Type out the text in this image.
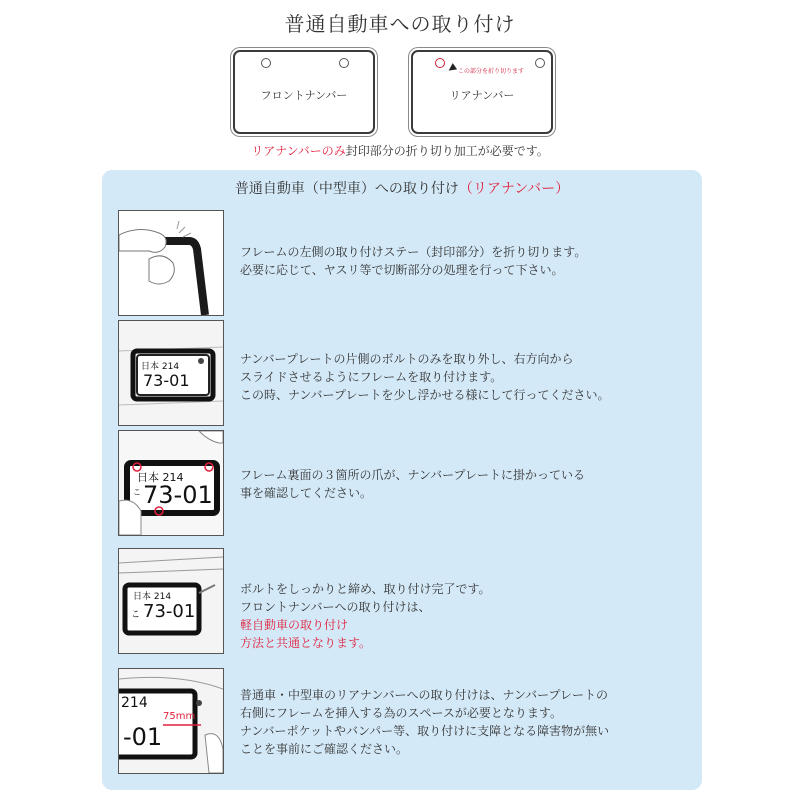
普通自動車への取り付け
フロントナンバー
◀ この部分を折り切ります
リアナンバー
リアナンバーのみ封印部分の折り切り加工が必要です。
普通自動車（中型車）への取り付け（リアナンバー）
フレームの左側の取り付けステー（封印部分）を折り切ります。
必要に応じて、ヤスリ等で切断部分の処理を行って下さい。
日本 214
73-01
ナンバープレートの片側のボルトのみを取り外し、右方向から
スライドさせるようにフレームを取り付けます。
この時、ナンバープレートを少し浮かせる様にして行ってください。
日本 214
こ 73-01
フレーム裏面の３箇所の爪が、ナンバープレートに掛かっている
事を確認してください。
日本 214
こ 73-01
ボルトをしっかりと締め、取り付け完了です。
フロントナンバーへの取り付けは、
軽自動車の取り付け
方法と共通となります。
214
75mm
-01
普通車・中型車のリアナンバーへの取り付けは、ナンバープレートの
右側にフレームを挿入する為のスペースが必要となります。
ナンバーポケットやバンパー等、取り付けに支障となる障害物が無い
ことを事前にご確認ください。
